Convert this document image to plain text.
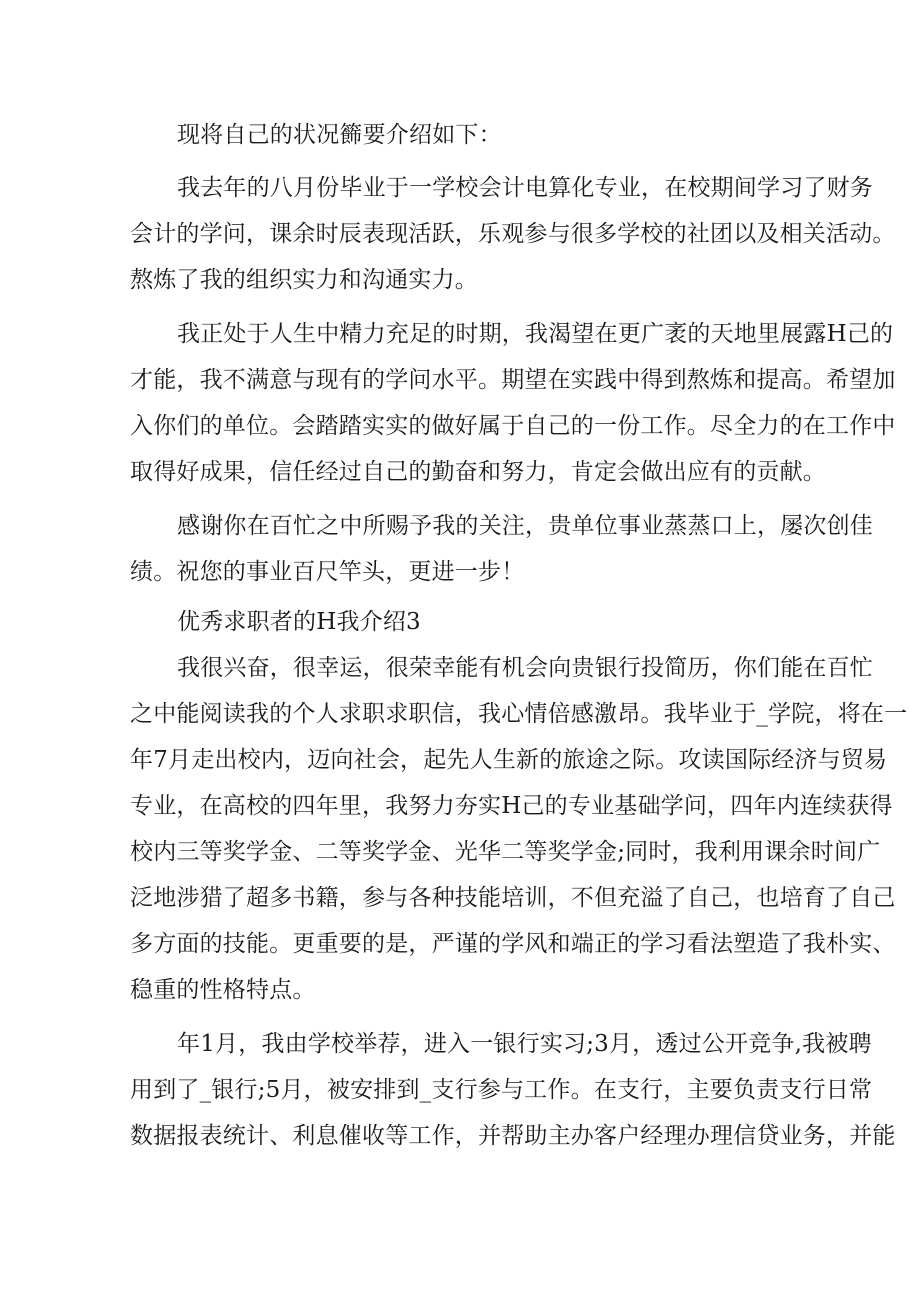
现将自己的状况籂要介绍如下：
我去年的八月份毕业于一学校会计电算化专业，在校期间学习了财务
会计的学问，课余时辰表现活跃，乐观参与很多学校的社团以及相关活动。
熬炼了我的组织实力和沟通实力。
我正处于人生中精力充足的时期，我渴望在更广袤的天地里展露H己的
才能，我不满意与现有的学问水平。期望在实践中得到熬炼和提高。希望加
入你们的单位。会踏踏实实的做好属于自己的一份工作。尽全力的在工作中
取得好成果，信任经过自己的勤奋和努力，肯定会做出应有的贡献。
感谢你在百忙之中所赐予我的关注，贵单位事业蒸蒸口上，屡次创佳
绩。祝您的事业百尺竿头，更进一步！
优秀求职者的H我介绍3
我很兴奋，很幸运，很荣幸能有机会向贵银行投简历，你们能在百忙
之中能阅读我的个人求职求职信，我心情倍感激昂。我毕业于_学院，将在一
年7月走出校内，迈向社会，起先人生新的旅途之际。攻读国际经济与贸易
专业，在高校的四年里，我努力夯实H己的专业基础学问，四年内连续获得
校内三等奖学金、二等奖学金、光华二等奖学金;同时，我利用课余时间广
泛地涉猎了超多书籍，参与各种技能培训，不但充溢了自己，也培育了自己
多方面的技能。更重要的是，严谨的学风和端正的学习看法塑造了我朴实、
稳重的性格特点。
年1月，我由学校举荐，进入一银行实习;3月，透过公开竞争,我被聘
用到了_银行;5月，被安排到_支行参与工作。在支行，主要负责支行日常
数据报表统计、利息催收等工作，并帮助主办客户经理办理信贷业务，并能
